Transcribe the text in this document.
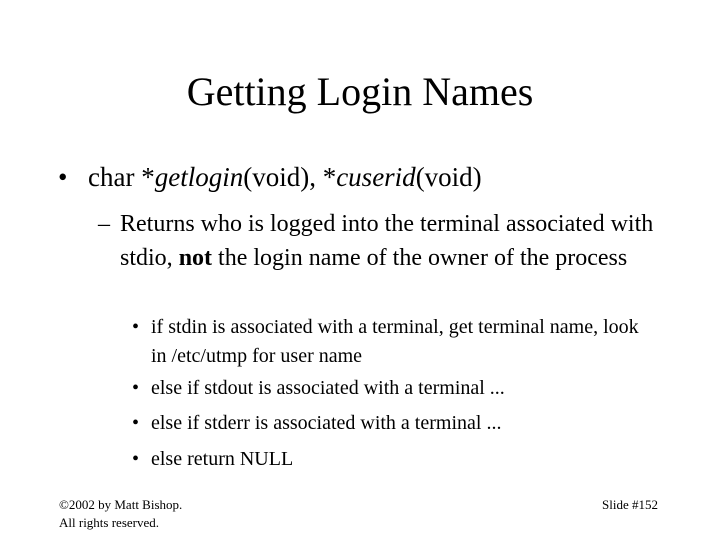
Getting Login Names
• char *getlogin(void), *cuserid(void)
– Returns who is logged into the terminal associated with stdio, not the login name of the owner of the process
• if stdin is associated with a terminal, get terminal name, look in /etc/utmp for user name
• else if stdout is associated with a terminal ...
• else if stderr is associated with a terminal ...
• else return NULL
©2002 by Matt Bishop.
All rights reserved.
Slide #152
